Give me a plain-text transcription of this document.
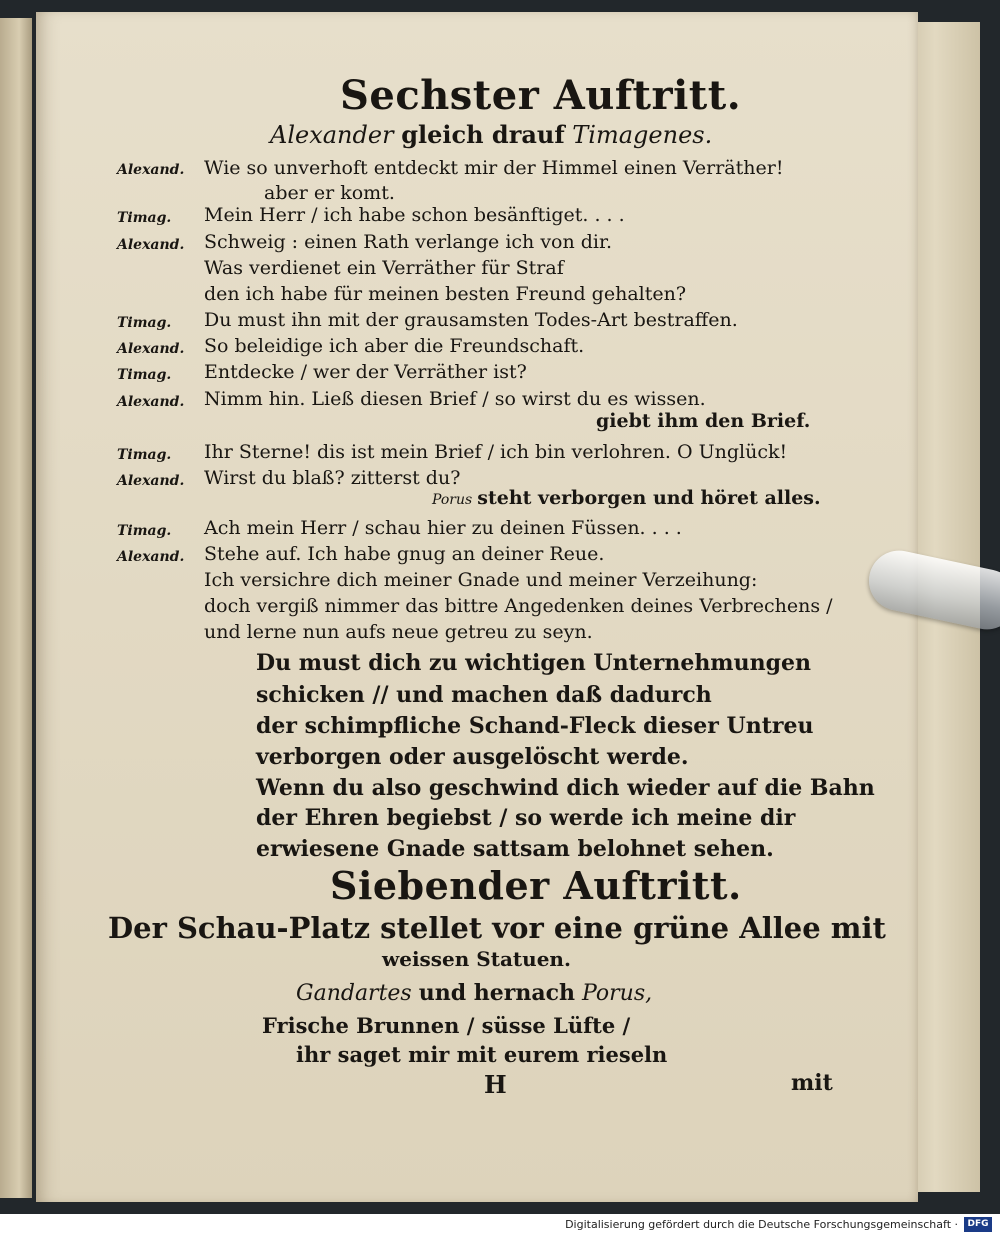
Sechster Auftritt.
Alexander gleich drauf Timagenes.
Alexand. Wie so unverhoft entdeckt mir der Himmel einen Verräther!
aber er komt.
Timag. Mein Herr / ich habe schon besänftiget. . . .
Alexand. Schweig : einen Rath verlange ich von dir.
Was verdienet ein Verräther für Straf
den ich habe für meinen besten Freund gehalten?
Timag. Du must ihn mit der grausamsten Todes-Art bestraffen.
Alexand. So beleidige ich aber die Freundschaft.
Timag. Entdecke / wer der Verräther ist?
Alexand. Nimm hin. Ließ diesen Brief / so wirst du es wissen.
giebt ihm den Brief.
Timag. Ihr Sterne! dis ist mein Brief / ich bin verlohren. O Unglück!
Alexand. Wirst du blaß? zitterst du?
Porus steht verborgen und höret alles.
Timag. Ach mein Herr / schau hier zu deinen Füssen. . . .
Alexand. Stehe auf. Ich habe gnug an deiner Reue.
Ich versichre dich meiner Gnade und meiner Verzeihung:
doch vergiß nimmer das bittre Angedenken deines Verbrechens /
und lerne nun aufs neue getreu zu seyn.
Du must dich zu wichtigen Unternehmungen
schicken // und machen daß dadurch
der schimpfliche Schand-Fleck dieser Untreu
verborgen oder ausgelöscht werde.
Wenn du also geschwind dich wieder auf die Bahn
der Ehren begiebst / so werde ich meine dir
erwiesene Gnade sattsam belohnet sehen.
Siebender Auftritt.
Der Schau-Platz stellet vor eine grüne Allee mit
weissen Statuen.
Gandartes und hernach Porus,
Frische Brunnen / süsse Lüfte /
ihr saget mir mit eurem rieseln
H	mit
Digitalisierung gefördert durch die Deutsche Forschungsgemeinschaft ·	DFG
